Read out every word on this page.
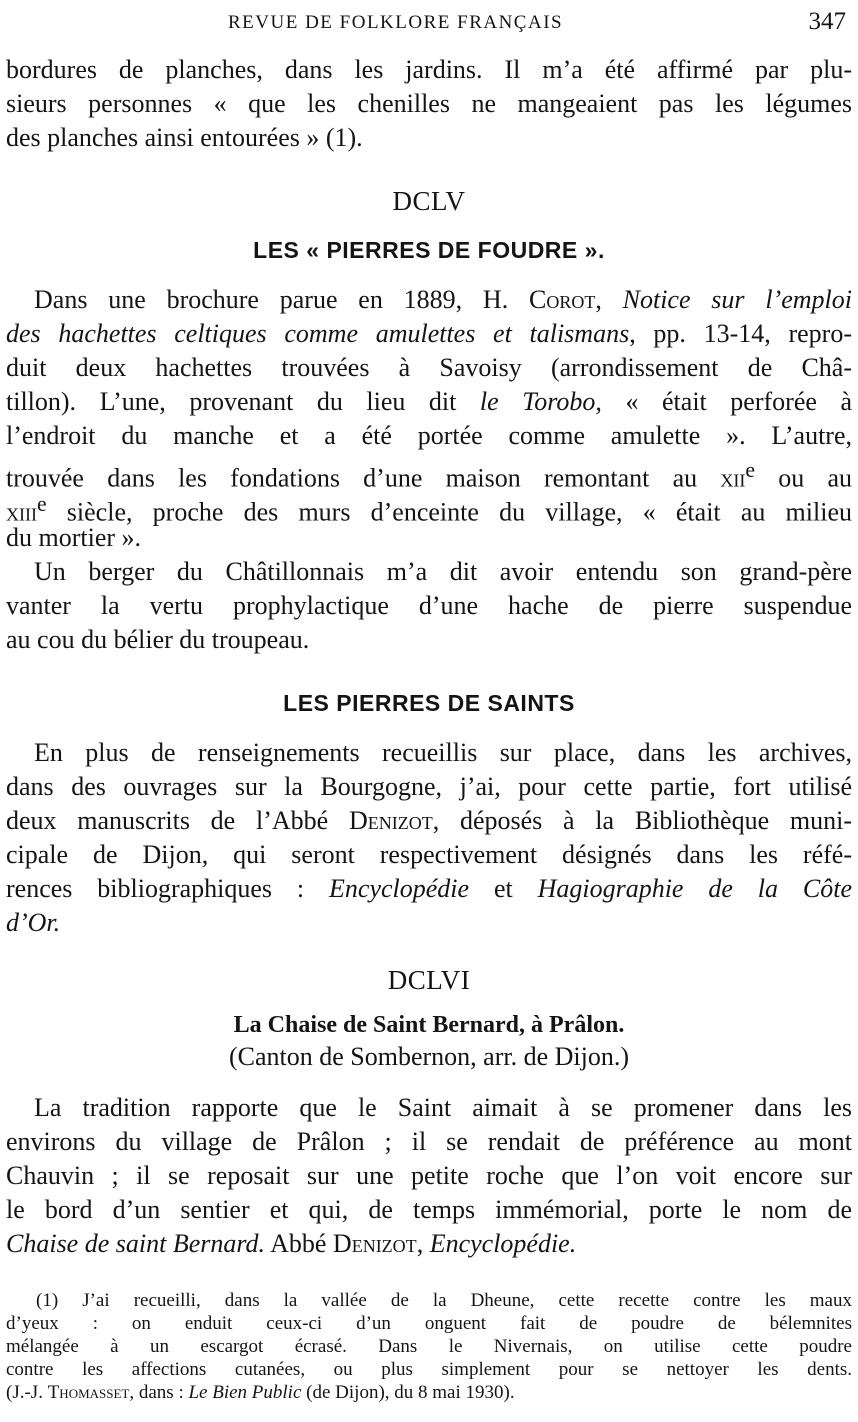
REVUE DE FOLKLORE FRANÇAIS	347
bordures de planches, dans les jardins. Il m’a été affirmé par plu-
sieurs personnes « que les chenilles ne mangeaient pas les légumes
des planches ainsi entourées » (1).
DCLV
LES « PIERRES DE FOUDRE ».
Dans une brochure parue en 1889, H. Corot, Notice sur l’emploi
des hachettes celtiques comme amulettes et talismans, pp. 13-14, repro-
duit deux hachettes trouvées à Savoisy (arrondissement de Châ-
tillon). L’une, provenant du lieu dit le Torobo, « était perforée à
l’endroit du manche et a été portée comme amulette ». L’autre,
trouvée dans les fondations d’une maison remontant au xii$^e$ ou au
xiii$^e$ siècle, proche des murs d’enceinte du village, « était au milieu
du mortier ».
Un berger du Châtillonnais m’a dit avoir entendu son grand-père
vanter la vertu prophylactique d’une hache de pierre suspendue
au cou du bélier du troupeau.
LES PIERRES DE SAINTS
En plus de renseignements recueillis sur place, dans les archives,
dans des ouvrages sur la Bourgogne, j’ai, pour cette partie, fort utilisé
deux manuscrits de l’Abbé Denizot, déposés à la Bibliothèque muni-
cipale de Dijon, qui seront respectivement désignés dans les réfé-
rences bibliographiques : Encyclopédie et Hagiographie de la Côte
d’Or.
DCLVI
La Chaise de Saint Bernard, à Prâlon.
(Canton de Sombernon, arr. de Dijon.)
La tradition rapporte que le Saint aimait à se promener dans les
environs du village de Prâlon ; il se rendait de préférence au mont
Chauvin ; il se reposait sur une petite roche que l’on voit encore sur
le bord d’un sentier et qui, de temps immémorial, porte le nom de
Chaise de saint Bernard. Abbé Denizot, Encyclopédie.
(1) J’ai recueilli, dans la vallée de la Dheune, cette recette contre les maux
d’yeux : on enduit ceux-ci d’un onguent fait de poudre de bélemnites
mélangée à un escargot écrasé. Dans le Nivernais, on utilise cette poudre
contre les affections cutanées, ou plus simplement pour se nettoyer les dents.
(J.-J. Thomasset, dans : Le Bien Public (de Dijon), du 8 mai 1930).
